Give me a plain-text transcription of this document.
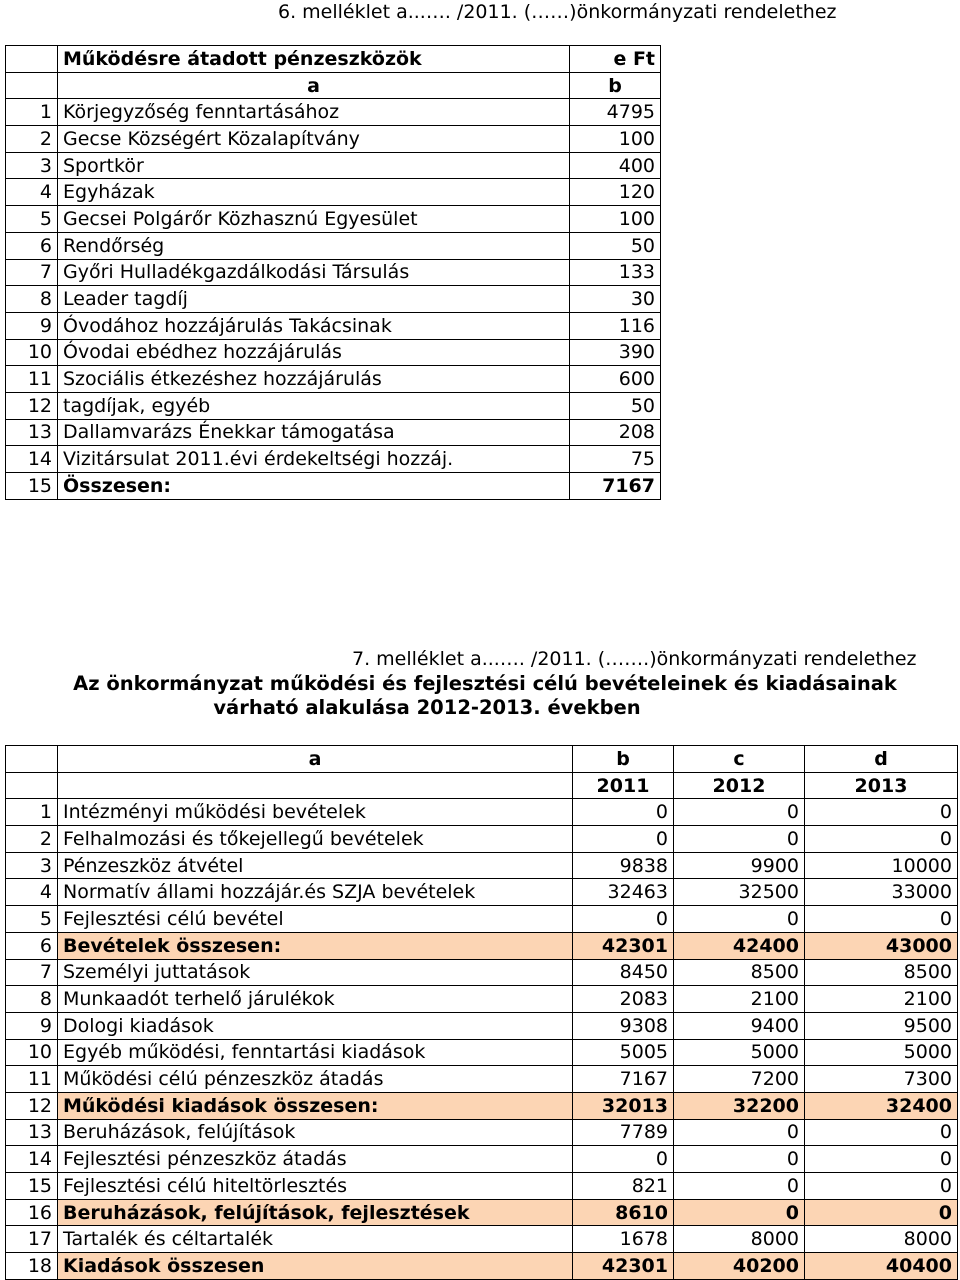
6. melléklet a...…. /2011. (……)önkormányzati rendelethez
	Működésre átadott pénzeszközök	e Ft
	a	b
1	Körjegyzőség fenntartásához	4795
2	Gecse Községért Közalapítvány	100
3	Sportkör	400
4	Egyházak	120
5	Gecsei Polgárőr Közhasznú Egyesület	100
6	Rendőrség	50
7	Győri Hulladékgazdálkodási Társulás	133
8	Leader tagdíj	30
9	Óvodához hozzájárulás Takácsinak	116
10	Óvodai ebédhez hozzájárulás	390
11	Szociális étkezéshez hozzájárulás	600
12	tagdíjak, egyéb	50
13	Dallamvarázs Énekkar támogatása	208
14	Vizitársulat 2011.évi érdekeltségi hozzáj.	75
15	Összesen:	7167
7. melléklet a...…. /2011. (…….)önkormányzati rendelethez
Az önkormányzat működési és fejlesztési célú bevételeinek és kiadásainak
várható alakulása 2012-2013. években
	a	b	c	d
		2011	2012	2013
1	Intézményi működési bevételek	0	0	0
2	Felhalmozási és tőkejellegű bevételek	0	0	0
3	Pénzeszköz átvétel	9838	9900	10000
4	Normatív állami hozzájár.és SZJA bevételek	32463	32500	33000
5	Fejlesztési célú bevétel	0	0	0
6	Bevételek összesen:	42301	42400	43000
7	Személyi juttatások	8450	8500	8500
8	Munkaadót terhelő járulékok	2083	2100	2100
9	Dologi kiadások	9308	9400	9500
10	Egyéb működési, fenntartási kiadások	5005	5000	5000
11	Működési célú pénzeszköz átadás	7167	7200	7300
12	Működési kiadások összesen:	32013	32200	32400
13	Beruházások, felújítások	7789	0	0
14	Fejlesztési pénzeszköz átadás	0	0	0
15	Fejlesztési célú hiteltörlesztés	821	0	0
16	Beruházások, felújítások, fejlesztések	8610	0	0
17	Tartalék és céltartalék	1678	8000	8000
18	Kiadások összesen	42301	40200	40400
